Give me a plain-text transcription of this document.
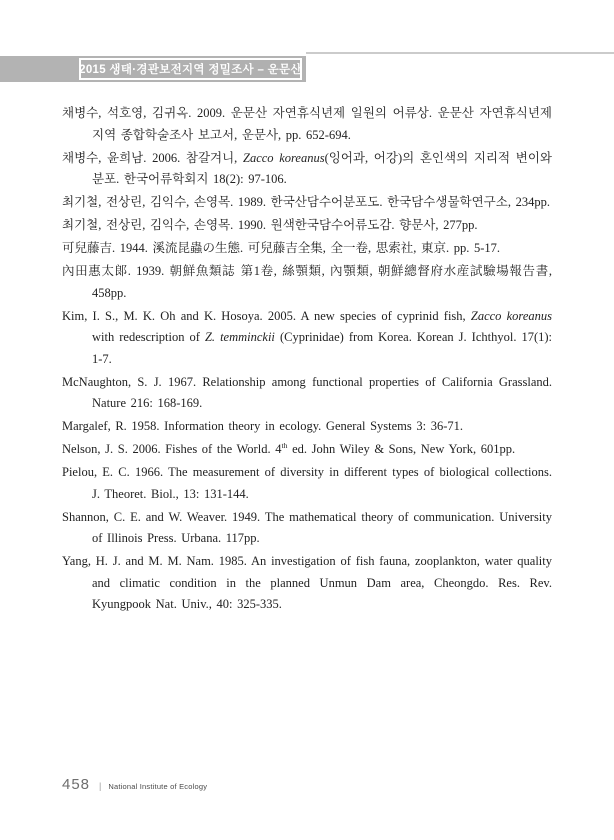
2015 생태·경관보전지역 정밀조사 – 운문산

채병수, 석호영, 김귀옥. 2009. 운문산 자연휴식년제 일원의 어류상. 운문산 자연휴식년제지역 종합학술조사 보고서, 운문사, pp. 652-694.

채병수, 윤희남. 2006. 참갈겨니, Zacco koreanus(잉어과, 어강)의 혼인색의 지리적 변이와 분포. 한국어류학회지 18(2): 97-106.

최기철, 전상린, 김익수, 손영목. 1989. 한국산담수어분포도. 한국담수생물학연구소, 234pp.

최기철, 전상린, 김익수, 손영목. 1990. 원색한국담수어류도감. 향문사, 277pp.

可兒藤吉. 1944. 溪流昆蟲の生態. 可兒藤吉全集, 全一卷, 思索社, 東京. pp. 5-17.

內田惠太郞. 1939. 朝鮮魚類誌 第1卷, 絲顎類, 內顎類, 朝鮮總督府水産試驗場報告書, 458pp.

Kim, I. S., M. K. Oh and K. Hosoya. 2005. A new species of cyprinid fish, Zacco koreanus with redescription of Z. temminckii (Cyprinidae) from Korea. Korean J. Ichthyol. 17(1): 1-7.

McNaughton, S. J. 1967. Relationship among functional properties of California Grassland. Nature 216: 168-169.

Margalef, R. 1958. Information theory in ecology. General Systems 3: 36-71.

Nelson, J. S. 2006. Fishes of the World. 4th ed. John Wiley & Sons, New York, 601pp.

Pielou, E. C. 1966. The measurement of diversity in different types of biological collections. J. Theoret. Biol., 13: 131-144.

Shannon, C. E. and W. Weaver. 1949. The mathematical theory of communication. University of Illinois Press. Urbana. 117pp.

Yang, H. J. and M. M. Nam. 1985. An investigation of fish fauna, zooplankton, water quality and climatic condition in the planned Unmun Dam area, Cheongdo. Res. Rev. Kyungpook Nat. Univ., 40: 325-335.

458 | National Institute of Ecology
